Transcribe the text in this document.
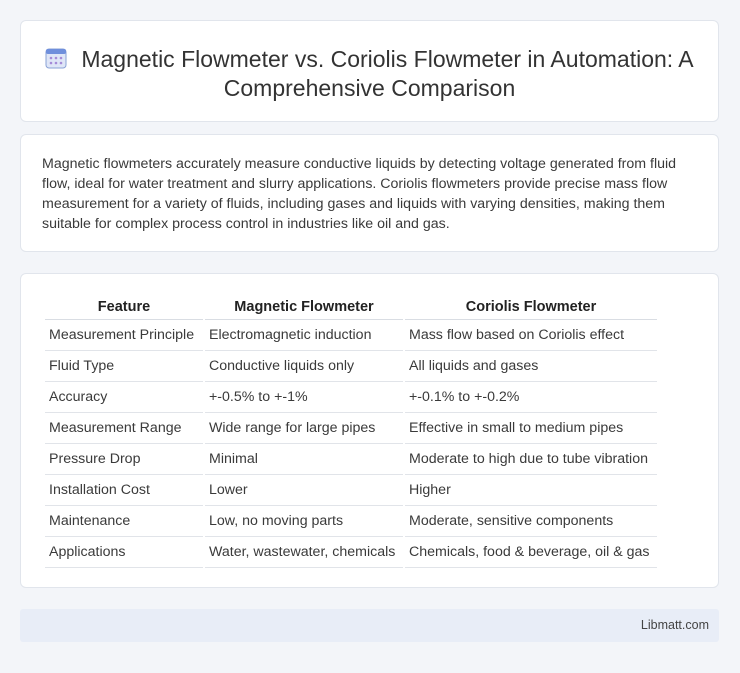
Magnetic Flowmeter vs. Coriolis Flowmeter in Automation: A Comprehensive Comparison

Magnetic flowmeters accurately measure conductive liquids by detecting voltage generated from fluid flow, ideal for water treatment and slurry applications. Coriolis flowmeters provide precise mass flow measurement for a variety of fluids, including gases and liquids with varying densities, making them suitable for complex process control in industries like oil and gas.

Feature	Magnetic Flowmeter	Coriolis Flowmeter
Measurement Principle	Electromagnetic induction	Mass flow based on Coriolis effect
Fluid Type	Conductive liquids only	All liquids and gases
Accuracy	+-0.5% to +-1%	+-0.1% to +-0.2%
Measurement Range	Wide range for large pipes	Effective in small to medium pipes
Pressure Drop	Minimal	Moderate to high due to tube vibration
Installation Cost	Lower	Higher
Maintenance	Low, no moving parts	Moderate, sensitive components
Applications	Water, wastewater, chemicals	Chemicals, food & beverage, oil & gas
Libmatt.com
